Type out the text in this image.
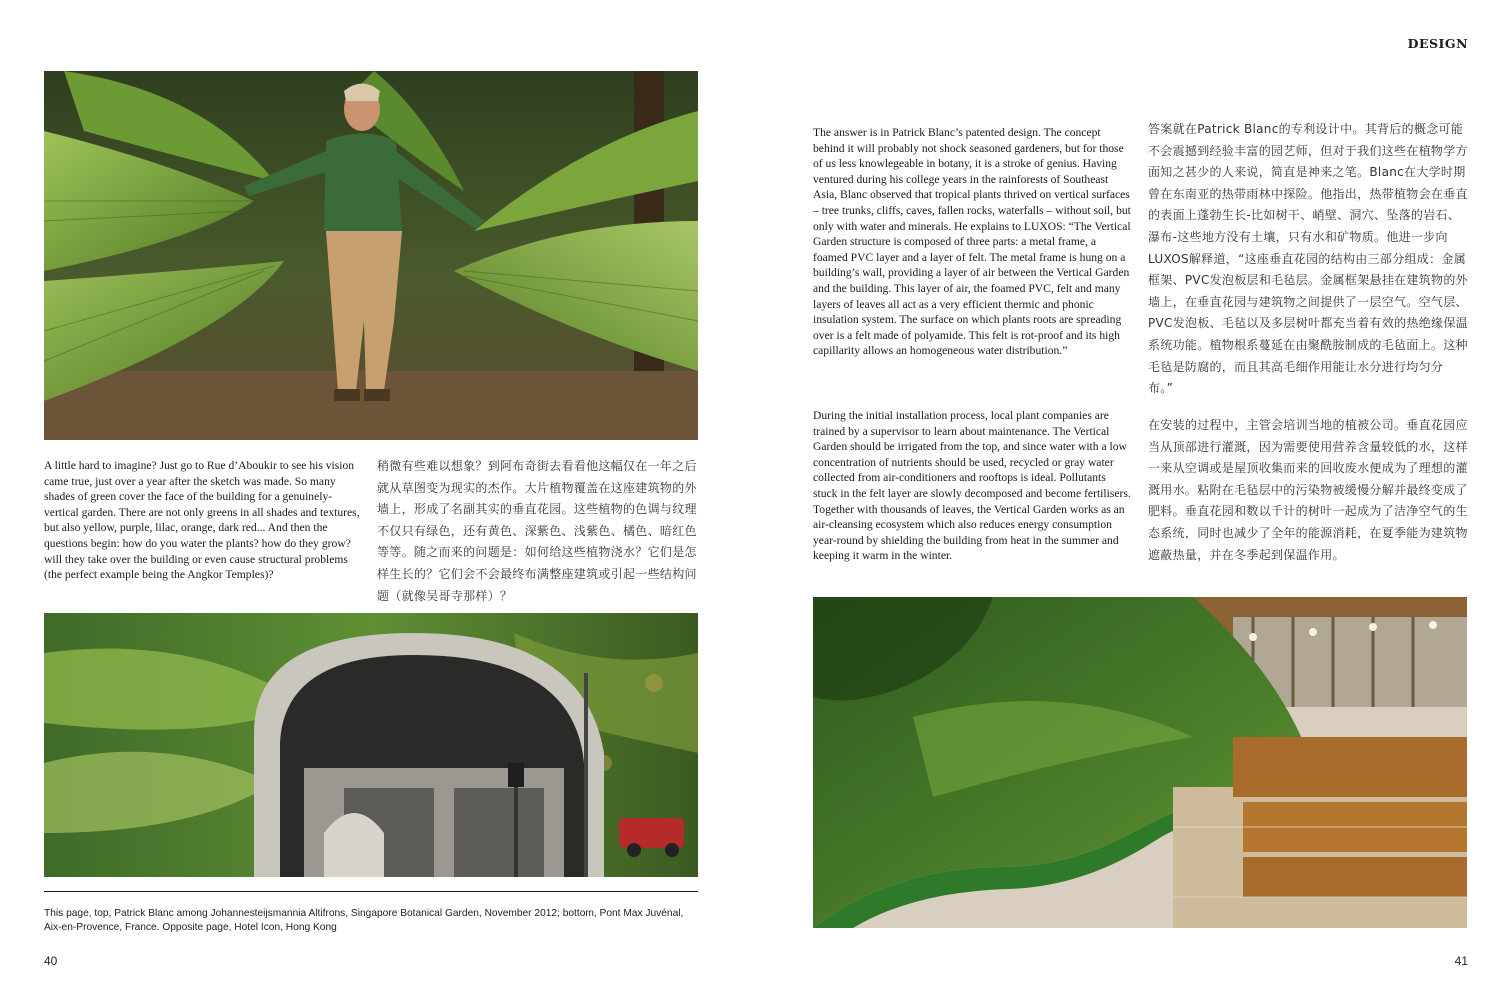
DESIGN
A little hard to imagine? Just go to Rue d’Aboukir to see his vision came true, just over a year after the sketch was made. So many shades of green cover the face of the building for a genuinely-vertical garden. There are not only greens in all shades and textures, but also yellow, purple, lilac, orange, dark red... And then the questions begin: how do you water the plants? how do they grow? will they take over the building or even cause structural problems (the perfect example being the Angkor Temples)?
稍微有些难以想象？到阿布奇街去看看他这幅仅在一年之后就从草图变为现实的杰作。大片植物覆盖在这座建筑物的外墙上，形成了名副其实的垂直花园。这些植物的色调与纹理不仅只有绿色，还有黄色、深紫色、浅紫色、橘色、暗红色等等。随之而来的问题是：如何给这些植物浇水？它们是怎样生长的？它们会不会最终布满整座建筑或引起一些结构问题（就像吴哥寺那样）？
This page, top, Patrick Blanc among Johannesteijsmannia Altifrons, Singapore Botanical Garden, November 2012; bottom, Pont Max Juvénal, Aix-en-Provence, France. Opposite page, Hotel Icon, Hong Kong
40
The answer is in Patrick Blanc’s patented design. The concept behind it will probably not shock seasoned gardeners, but for those of us less knowlegeable in botany, it is a stroke of genius. Having ventured during his college years in the rainforests of Southeast Asia, Blanc observed that tropical plants thrived on vertical surfaces – tree trunks, cliffs, caves, fallen rocks, waterfalls – without soil, but only with water and minerals. He explains to LUXOS: “The Vertical Garden structure is composed of three parts: a metal frame, a foamed PVC layer and a layer of felt. The metal frame is hung on a building’s wall, providing a layer of air between the Vertical Garden and the building. This layer of air, the foamed PVC, felt and many layers of leaves all act as a very efficient thermic and phonic insulation system. The surface on which plants roots are spreading over is a felt made of polyamide. This felt is rot-proof and its high capillarity allows an homogeneous water distribution.”
答案就在Patrick Blanc的专利设计中。其背后的概念可能不会震撼到经验丰富的园艺师，但对于我们这些在植物学方面知之甚少的人来说，简直是神来之笔。Blanc在大学时期曾在东南亚的热带雨林中探险。他指出，热带植物会在垂直的表面上蓬勃生长-比如树干、峭壁、洞穴、坠落的岩石、瀑布-这些地方没有土壤，只有水和矿物质。他进一步向LUXOS解释道，“这座垂直花园的结构由三部分组成：金属框架、PVC发泡板层和毛毡层。金属框架悬挂在建筑物的外墙上，在垂直花园与建筑物之间提供了一层空气。空气层、PVC发泡板、毛毡以及多层树叶都充当着有效的热绝缘保温系统功能。植物根系蔓延在由聚酰胺制成的毛毡面上。这种毛毡是防腐的，而且其高毛细作用能让水分进行均匀分布。”
During the initial installation process, local plant companies are trained by a supervisor to learn about maintenance. The Vertical Garden should be irrigated from the top, and since water with a low concentration of nutrients should be used, recycled or gray water collected from air-conditioners and rooftops is ideal. Pollutants stuck in the felt layer are slowly decomposed and become fertilisers. Together with thousands of leaves, the Vertical Garden works as an air-cleansing ecosystem which also reduces energy consumption year-round by shielding the building from heat in the summer and keeping it warm in the winter.
在安装的过程中，主管会培训当地的植被公司。垂直花园应当从顶部进行灌溉，因为需要使用营养含量较低的水，这样一来从空调或是屋顶收集而来的回收废水便成为了理想的灌溉用水。粘附在毛毡层中的污染物被缓慢分解并最终变成了肥料。垂直花园和数以千计的树叶一起成为了洁净空气的生态系统，同时也减少了全年的能源消耗，在夏季能为建筑物遮蔽热量，并在冬季起到保温作用。
41
